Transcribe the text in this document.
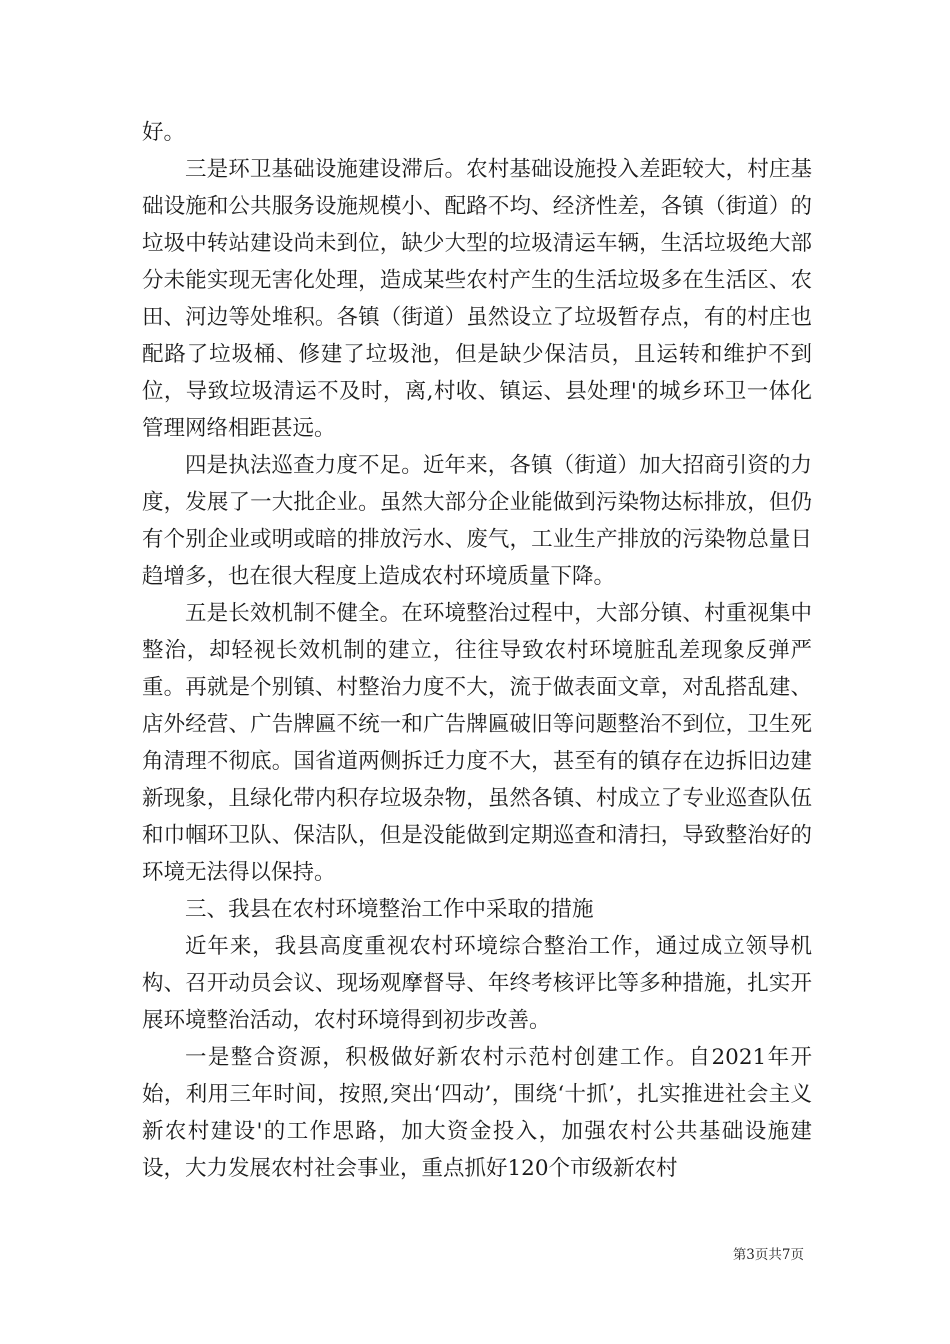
好。

三是环卫基础设施建设滞后。农村基础设施投入差距较大，村庄基础设施和公共服务设施规模小、配路不均、经济性差，各镇（街道）的垃圾中转站建设尚未到位，缺少大型的垃圾清运车辆，生活垃圾绝大部分未能实现无害化处理，造成某些农村产生的生活垃圾多在生活区、农田、河边等处堆积。各镇（街道）虽然设立了垃圾暂存点，有的村庄也配路了垃圾桶、修建了垃圾池，但是缺少保洁员，且运转和维护不到位，导致垃圾清运不及时，离,村收、镇运、县处理'的城乡环卫一体化管理网络相距甚远。

四是执法巡查力度不足。近年来，各镇（街道）加大招商引资的力度，发展了一大批企业。虽然大部分企业能做到污染物达标排放，但仍有个别企业或明或暗的排放污水、废气，工业生产排放的污染物总量日趋增多，也在很大程度上造成农村环境质量下降。

五是长效机制不健全。在环境整治过程中，大部分镇、村重视集中整治，却轻视长效机制的建立，往往导致农村环境脏乱差现象反弹严重。再就是个别镇、村整治力度不大，流于做表面文章，对乱搭乱建、店外经营、广告牌匾不统一和广告牌匾破旧等问题整治不到位，卫生死角清理不彻底。国省道两侧拆迁力度不大，甚至有的镇存在边拆旧边建新现象，且绿化带内积存垃圾杂物，虽然各镇、村成立了专业巡查队伍和巾帼环卫队、保洁队，但是没能做到定期巡查和清扫，导致整治好的环境无法得以保持。

三、我县在农村环境整治工作中采取的措施

近年来，我县高度重视农村环境综合整治工作，通过成立领导机构、召开动员会议、现场观摩督导、年终考核评比等多种措施，扎实开展环境整治活动，农村环境得到初步改善。

一是整合资源，积极做好新农村示范村创建工作。自2021年开始，利用三年时间，按照,突出‘四动’，围绕‘十抓’，扎实推进社会主义新农村建设'的工作思路，加大资金投入，加强农村公共基础设施建设，大力发展农村社会事业，重点抓好120个市级新农村

第3页共7页
